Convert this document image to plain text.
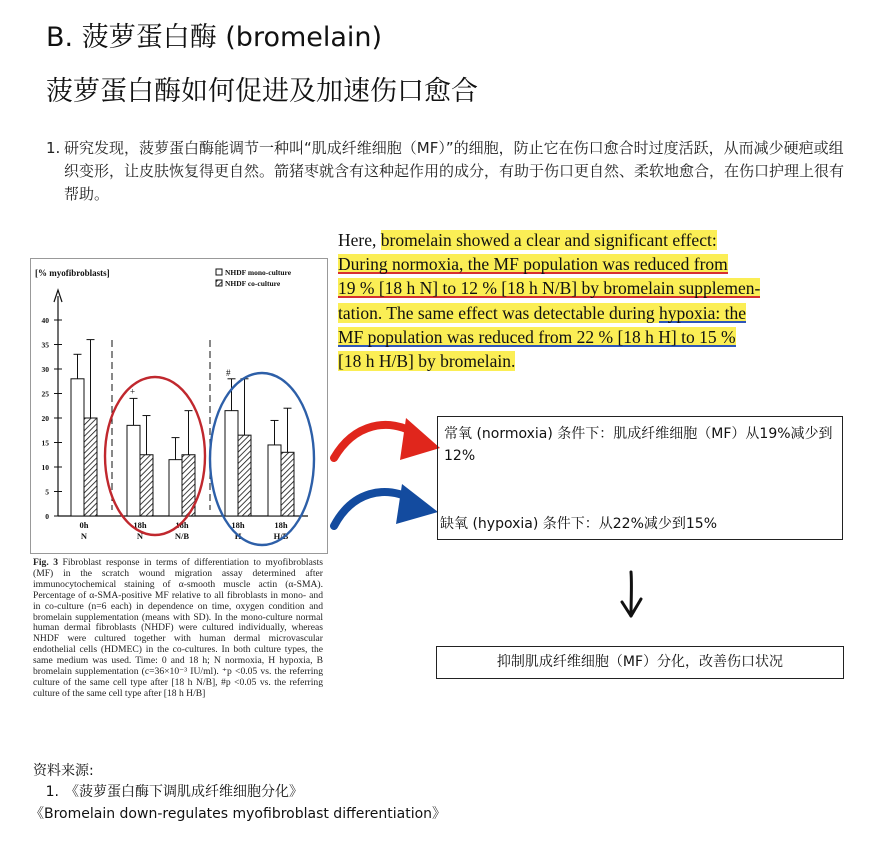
B. 菠萝蛋白酶 (bromelain)
菠萝蛋白酶如何促进及加速伤口愈合
1. 研究发现，菠萝蛋白酶能调节一种叫“肌成纤维细胞（MF）”的细胞，防止它在伤口愈合时过度活跃，从而减少硬疤或组织变形，让皮肤恢复得更自然。箭猪枣就含有这种起作用的成分，有助于伤口更自然、柔软地愈合，在伤口护理上很有帮助。
Here, bromelain showed a clear and significant effect:
During normoxia, the MF population was reduced from
19 % [18 h N] to 12 % [18 h N/B] by bromelain supplemen-
tation. The same effect was detectable during hypoxia: the
MF population was reduced from 22 % [18 h H] to 15 %
[18 h H/B] by bromelain.
[% myofibroblasts]	NHDF mono-culture
NHDF co-culture
0
5
10
15
20
25
30
35
40
0h
N
18h
N
18h
N/B
18h
H
18h
H/B
+
#
Fig. 3 Fibroblast response in terms of differentiation to myofibroblasts (MF) in the scratch wound migration assay determined after immunocytochemical staining of α-smooth muscle actin (α-SMA). Percentage of α-SMA-positive MF relative to all fibroblasts in mono- and in co-culture (n=6 each) in dependence on time, oxygen condition and bromelain supplementation (means with SD). In the mono-culture normal human dermal fibroblasts (NHDF) were cultured individually, whereas NHDF were cultured together with human dermal microvascular endothelial cells (HDMEC) in the co-cultures. In both culture types, the same medium was used. Time: 0 and 18 h; N normoxia, H hypoxia, B bromelain supplementation (c=36×10⁻³ IU/ml). ⁺p <0.05 vs. the referring culture of the same cell type after [18 h N/B], #p <0.05 vs. the referring culture of the same cell type after [18 h H/B]
常氧 (normoxia) 条件下：肌成纤维细胞（MF）从19%减少到12%
缺氧 (hypoxia) 条件下：从22%减少到15%
抑制肌成纤维细胞（MF）分化，改善伤口状况
资料来源:
1. 《菠萝蛋白酶下调肌成纤维细胞分化》
《Bromelain down-regulates myofibroblast differentiation》
